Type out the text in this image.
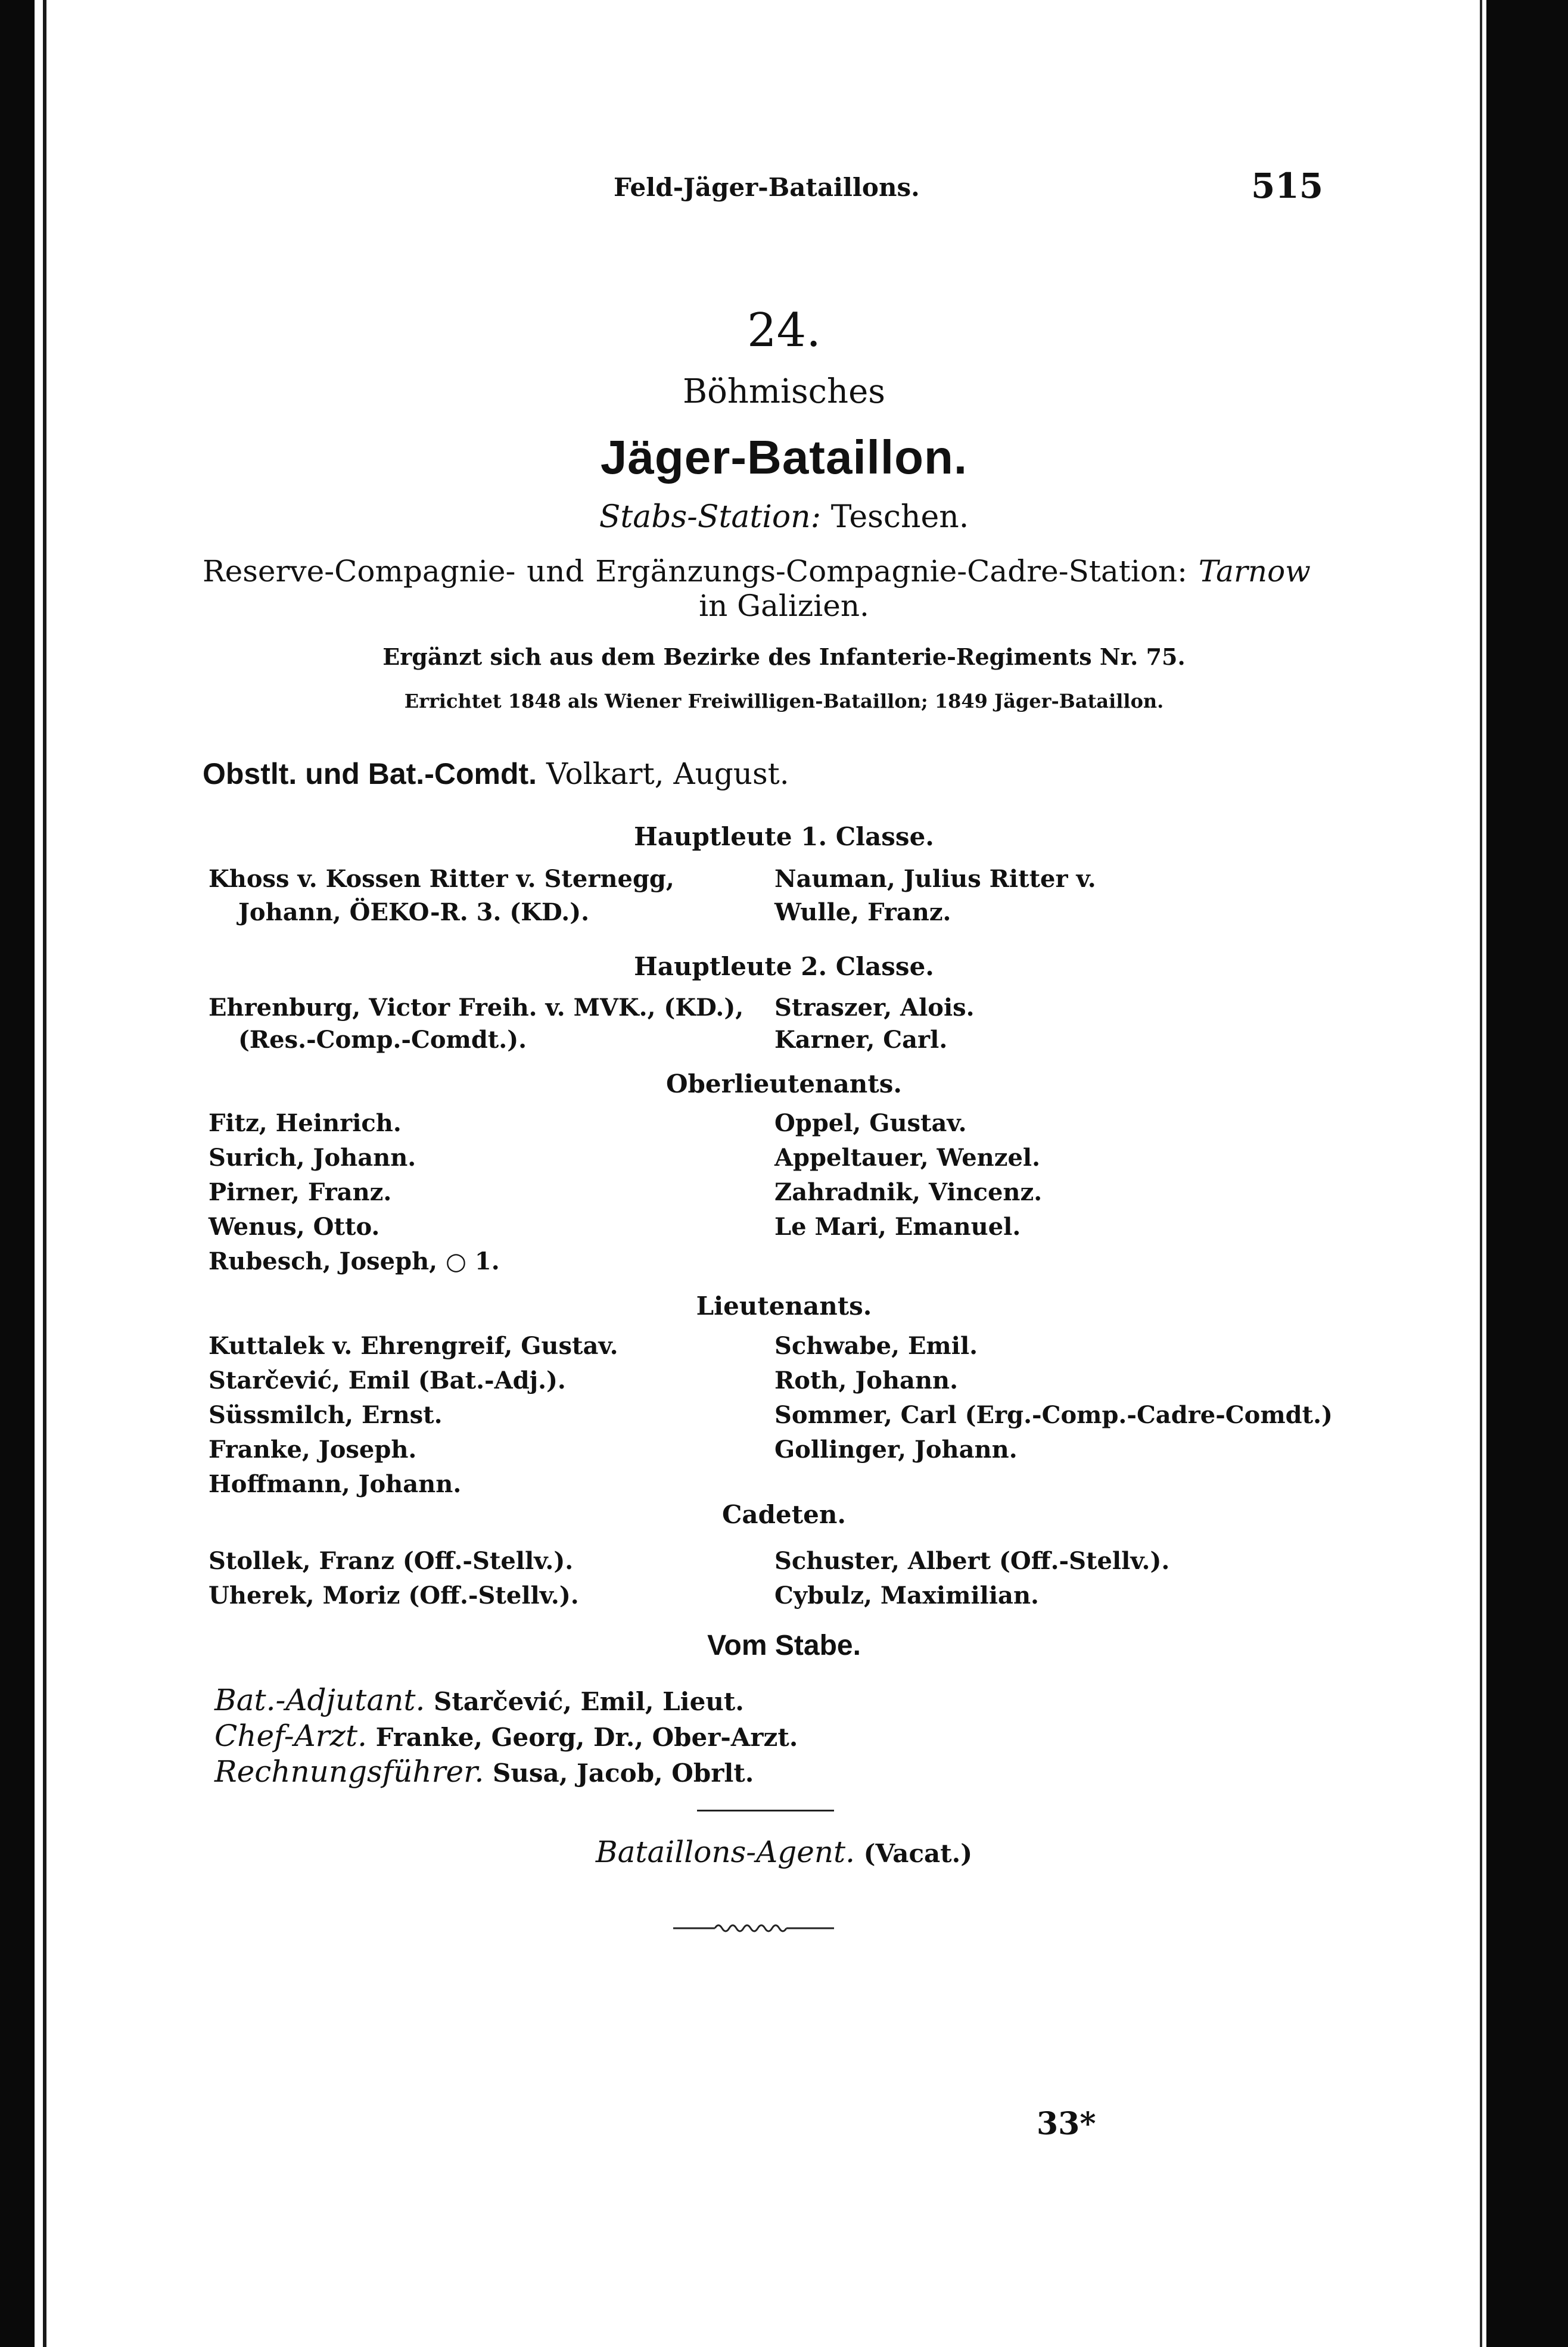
Feld-Jäger-Bataillons.	515
24.
Böhmisches
Jäger-Bataillon.
Stabs-Station: Teschen.
Reserve-Compagnie- und Ergänzungs-Compagnie-Cadre-Station: Tarnow
in Galizien.
Ergänzt sich aus dem Bezirke des Infanterie-Regiments Nr. 75.
Errichtet 1848 als Wiener Freiwilligen-Bataillon; 1849 Jäger-Bataillon.
Obstlt. und Bat.-Comdt. Volkart, August.
Hauptleute 1. Classe.
Khoss v. Kossen Ritter v. Sternegg,
Johann, ÖEKO-R. 3. (KD.).
Nauman, Julius Ritter v.
Wulle, Franz.
Hauptleute 2. Classe.
Ehrenburg, Victor Freih. v. MVK., (KD.),
(Res.-Comp.-Comdt.).
Straszer, Alois.
Karner, Carl.
Oberlieutenants.
Fitz, Heinrich.
Surich, Johann.
Pirner, Franz.
Wenus, Otto.
Rubesch, Joseph, ○ 1.
Oppel, Gustav.
Appeltauer, Wenzel.
Zahradnik, Vincenz.
Le Mari, Emanuel.
Lieutenants.
Kuttalek v. Ehrengreif, Gustav.
Starčević, Emil (Bat.-Adj.).
Süssmilch, Ernst.
Franke, Joseph.
Hoffmann, Johann.
Schwabe, Emil.
Roth, Johann.
Sommer, Carl (Erg.-Comp.-Cadre-Comdt.)
Gollinger, Johann.
Cadeten.
Stollek, Franz (Off.-Stellv.).
Uherek, Moriz (Off.-Stellv.).
Schuster, Albert (Off.-Stellv.).
Cybulz, Maximilian.
Vom Stabe.
Bat.-Adjutant. Starčević, Emil, Lieut.
Chef-Arzt. Franke, Georg, Dr., Ober-Arzt.
Rechnungsführer. Susa, Jacob, Obrlt.
Bataillons-Agent. (Vacat.)
33*
